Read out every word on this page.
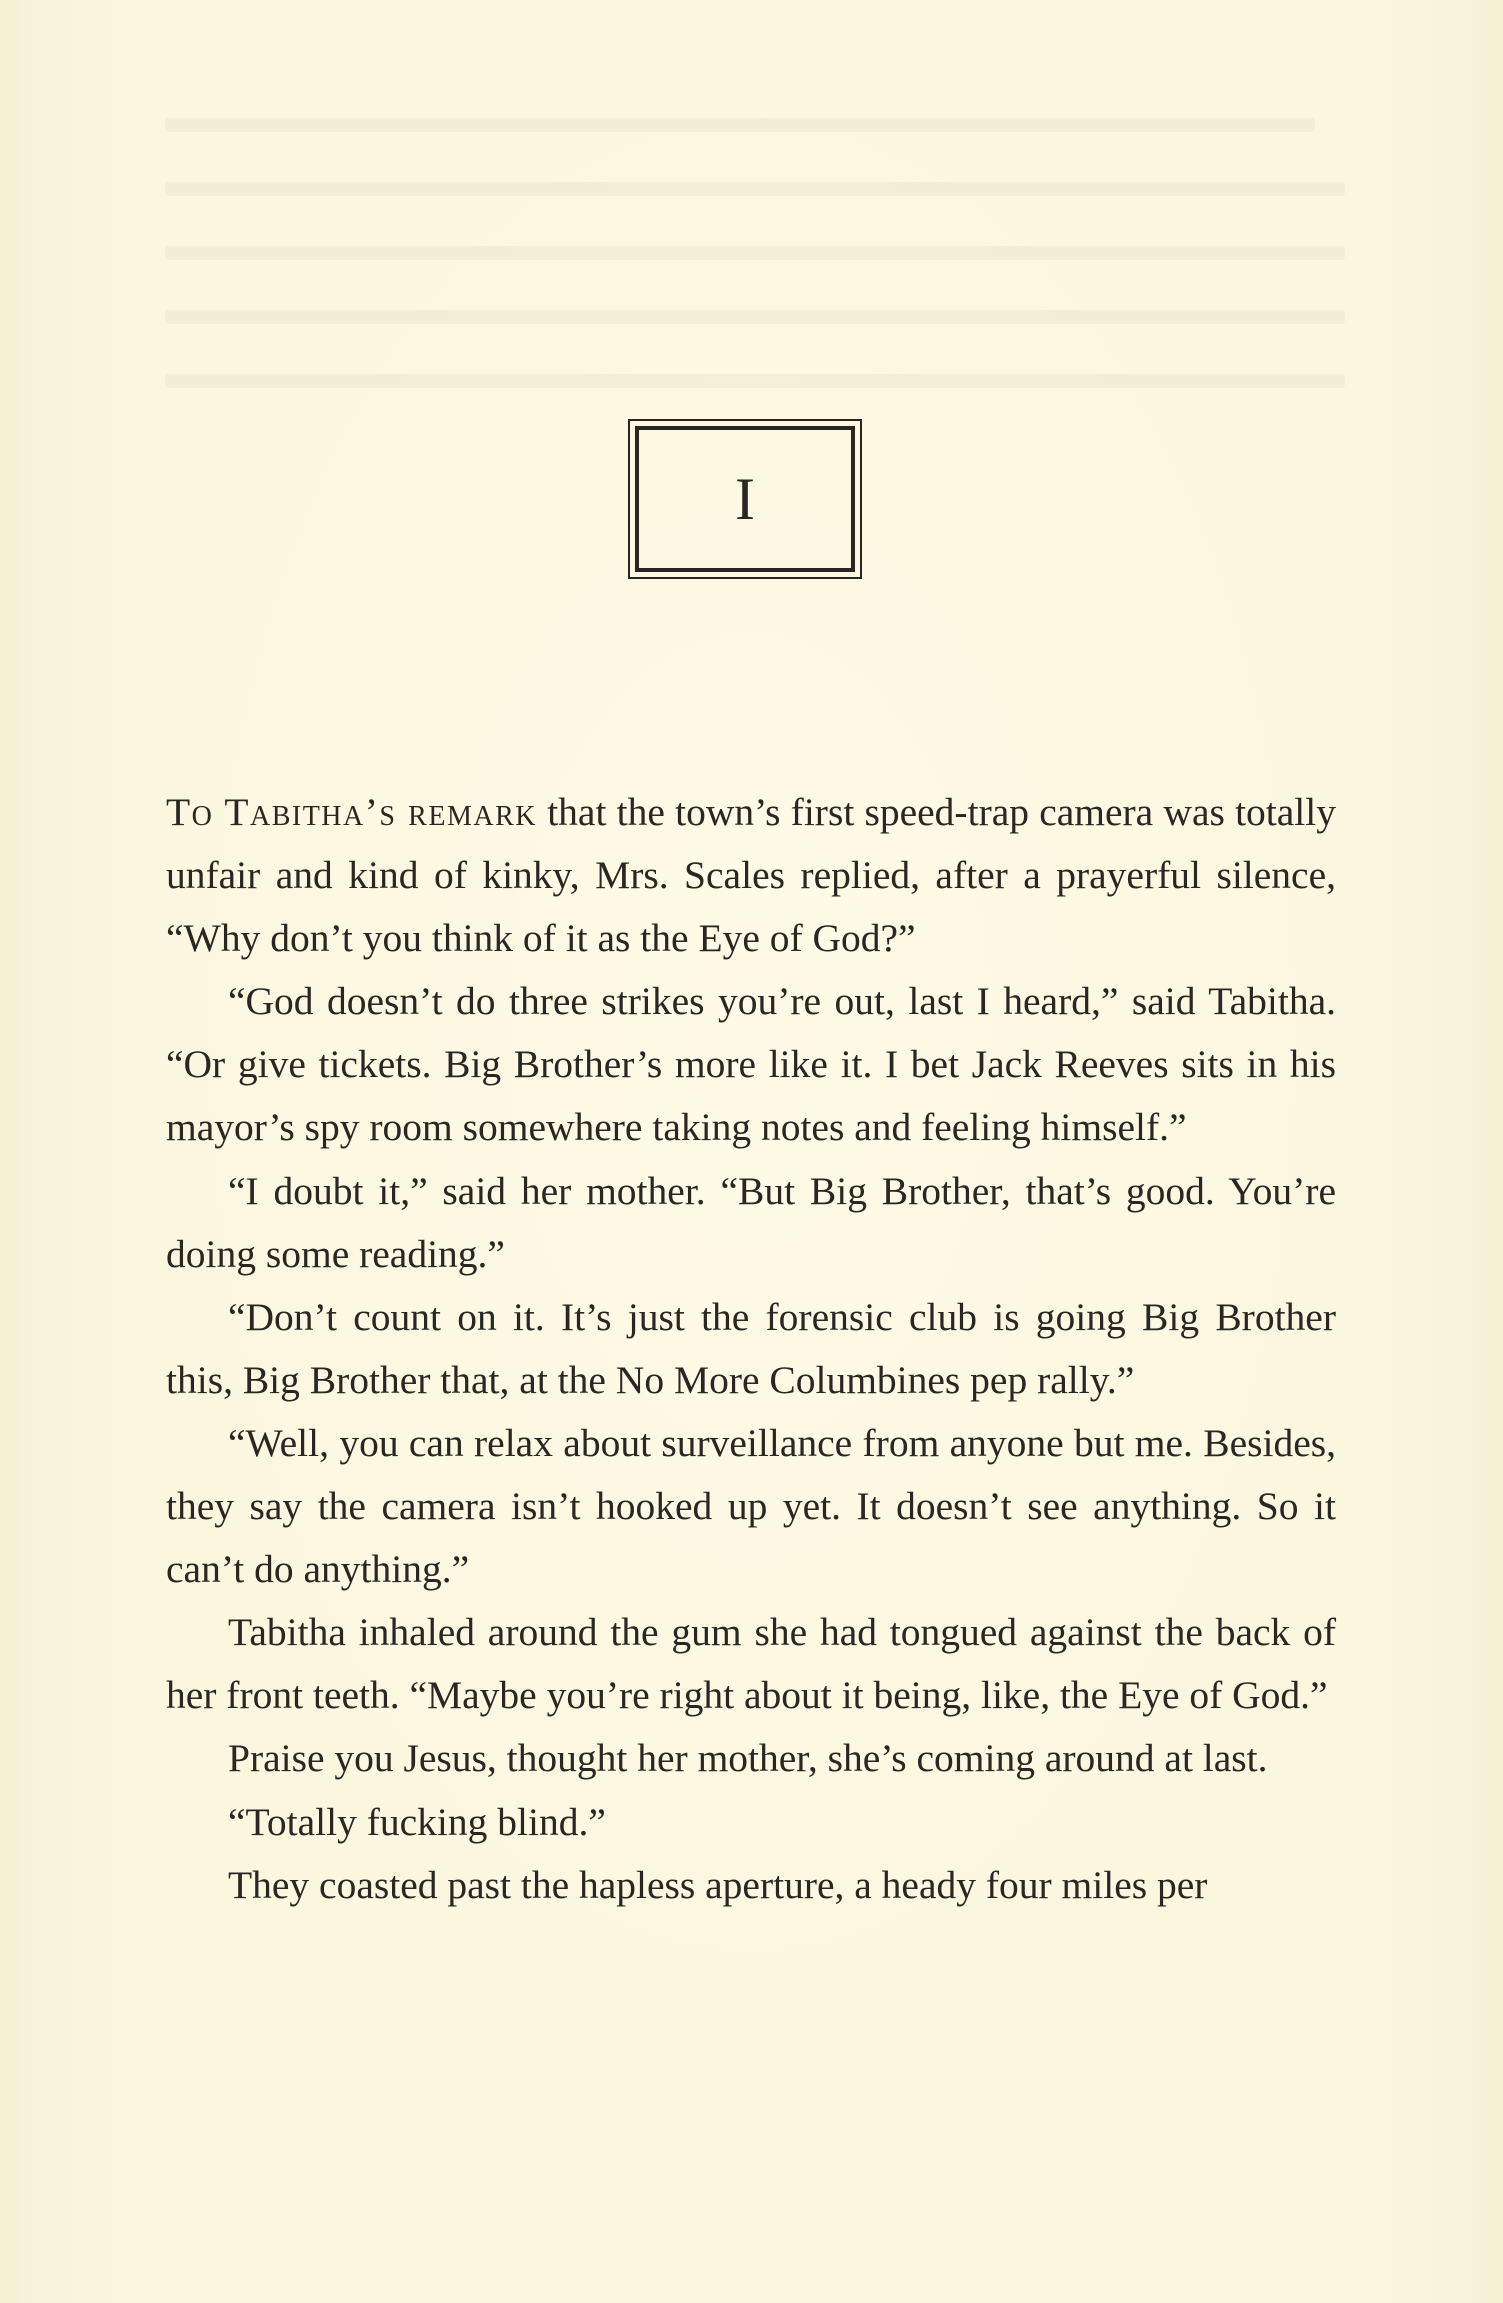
I

To Tabitha’s remark that the town’s first speed-trap camera was totally unfair and kind of kinky, Mrs. Scales replied, after a prayerful silence, “Why don’t you think of it as the Eye of God?”

“God doesn’t do three strikes you’re out, last I heard,” said Tabitha. “Or give tickets. Big Brother’s more like it. I bet Jack Reeves sits in his mayor’s spy room somewhere taking notes and feeling himself.”

“I doubt it,” said her mother. “But Big Brother, that’s good. You’re doing some reading.”

“Don’t count on it. It’s just the forensic club is going Big Brother this, Big Brother that, at the No More Columbines pep rally.”

“Well, you can relax about surveillance from anyone but me. Besides, they say the camera isn’t hooked up yet. It doesn’t see anything. So it can’t do anything.”

Tabitha inhaled around the gum she had tongued against the back of her front teeth. “Maybe you’re right about it being, like, the Eye of God.”

Praise you Jesus, thought her mother, she’s coming around at last.

“Totally fucking blind.”

They coasted past the hapless aperture, a heady four miles per
